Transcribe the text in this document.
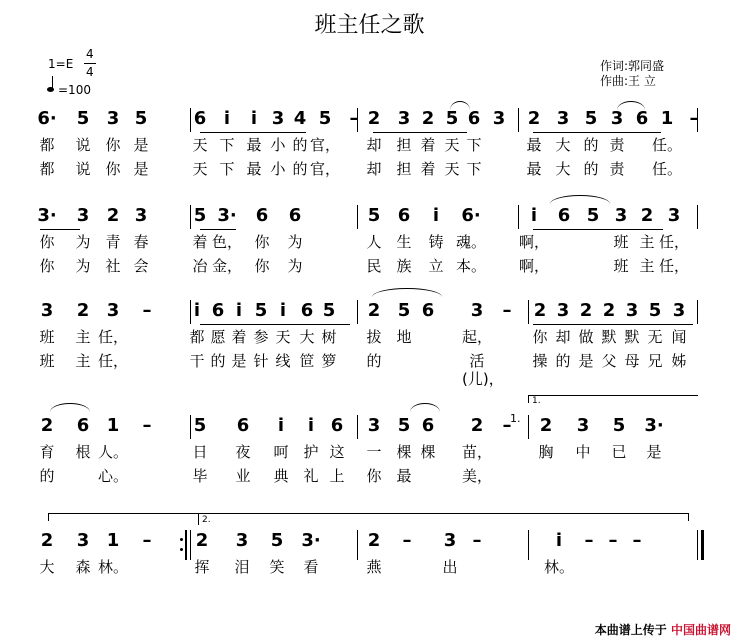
班主任之歌
1=E
4
4
=100
作词:郭同盛
作曲:王 立
1.
1.
2.
6·	5 3 5	6 i	i 3 4 5	– 2 3 2 5 6 3	2 3 5 3 6 1 –
都	说 你 是	天 下 最 小 的 官，	却 担 着 天 下	最 大 的 责	任。
都	说 你 是	天 下 最 小 的 官，	却 担 着 天 下	最 大 的 责	任。
3·	3 2 3	5 3·	6	6	5 6	i	6·	i	6 5 3 2 3
你	为 青 春	着 色， 你	为	人 生	铸 魂。 啊，	班 主 任，
你	为 社 会	冶 金， 你	为	民 族	立 本。 啊，	班 主 任，
3	2 3	–	i 6 i 5 i 6 5	2 5 6	3	–	2 3 2 2 3 5 3
班	主 任，	都 愿 着 参 天 大 树	拔 地	起，	你 却 做 默 默 无 闻
班	主 任，	干 的 是 针 线 笸 箩	的	活(儿)，
操 的 是 父 母 兄 姊
2	6 1	–	5	6	i	i 6	3 5 6	2	–	2	3	5	3·
育	根 人。	日	夜	呵 护 这	一 棵 棵	苗，	胸	中	已	是
的	心。	毕	业	典 礼 上	你 最	美，
2	3 1	–	2	3	5	3·	2	–	3 –	i	– – –
大	森 林。	挥	泪	笑	看	燕	出	林。
本曲谱上传于 中国曲谱网
